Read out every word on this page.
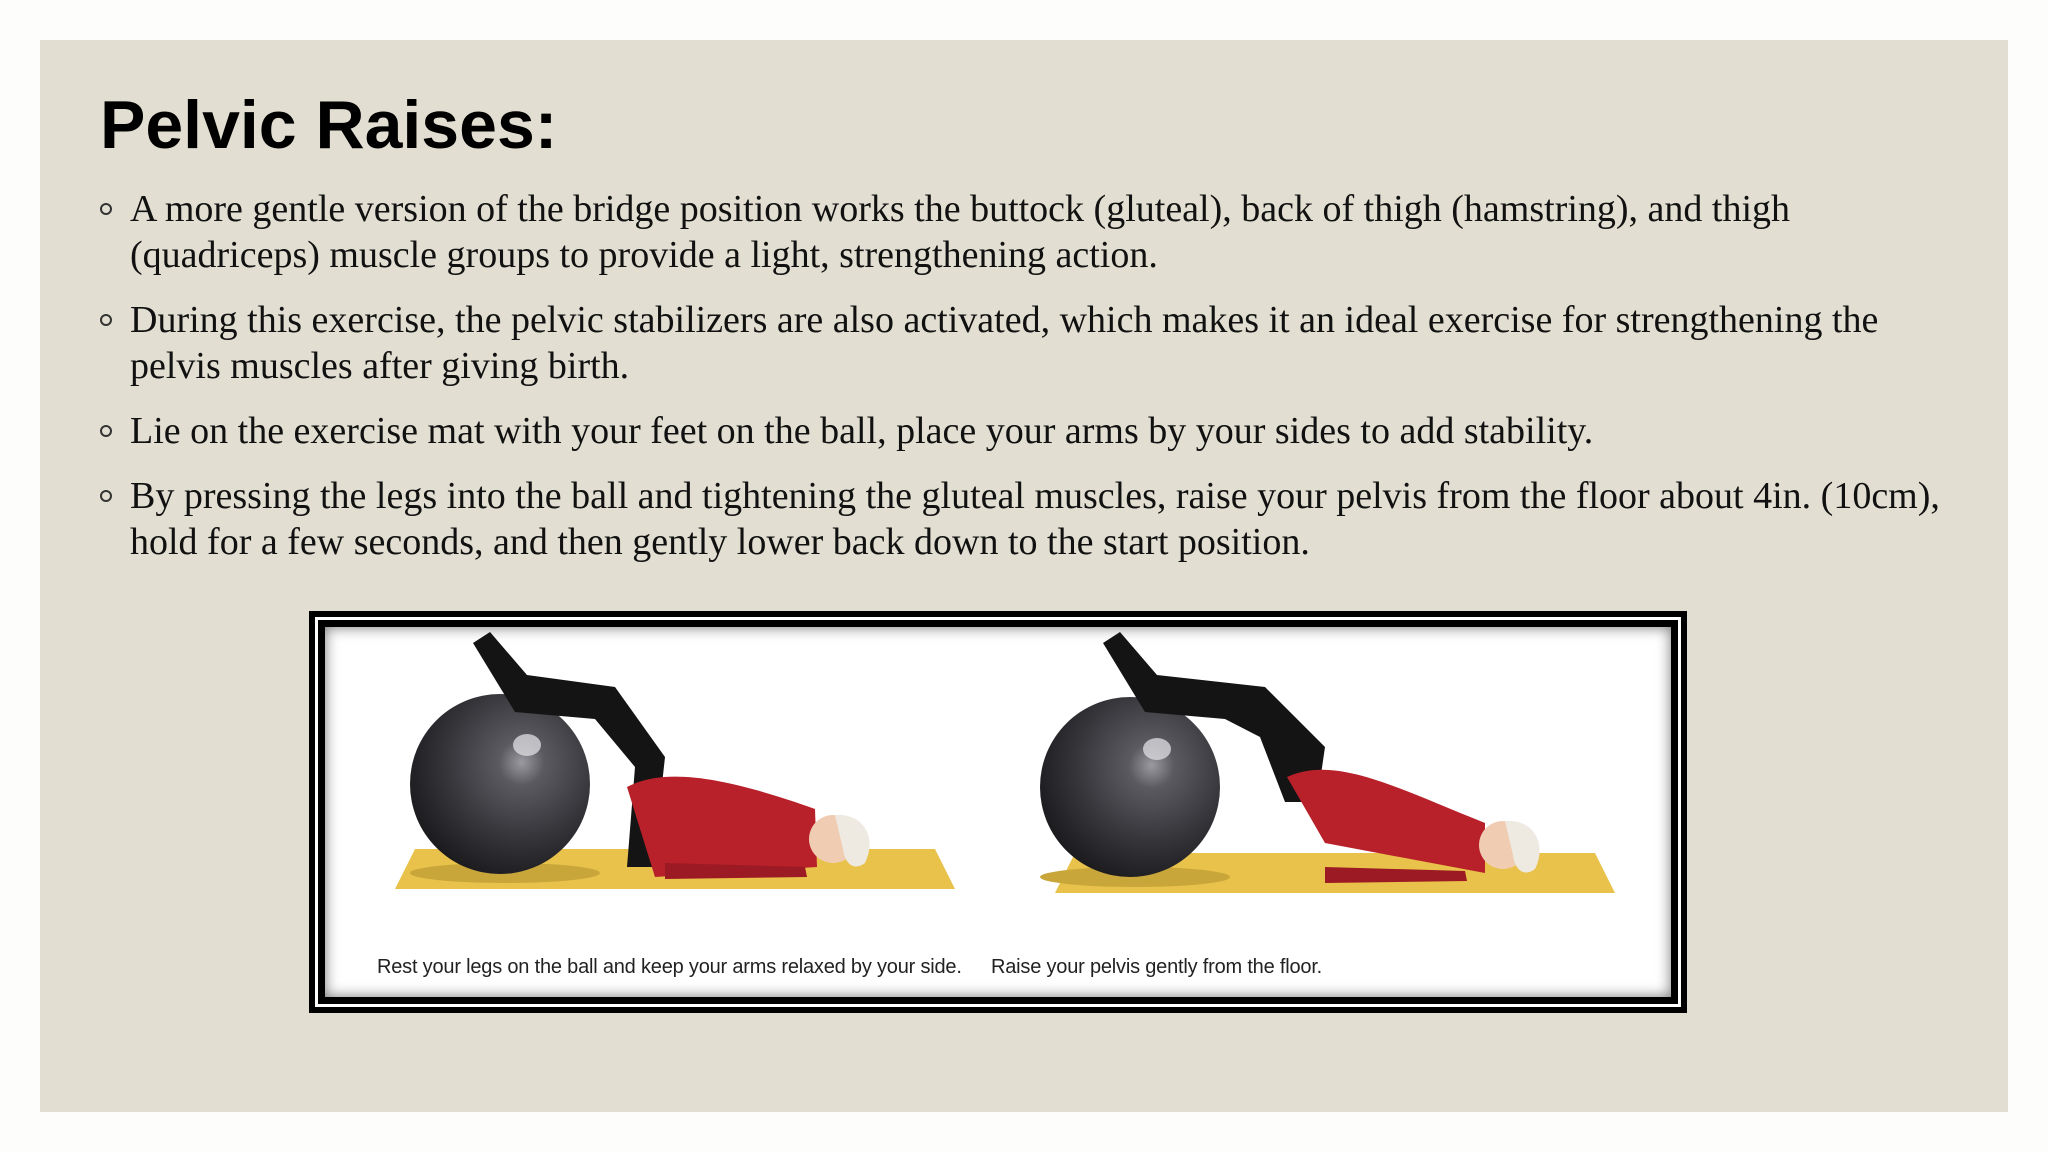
Pelvic Raises:
A more gentle version of the bridge position works the buttock (gluteal), back of thigh (hamstring), and thigh (quadriceps) muscle groups to provide a light, strengthening action.
During this exercise, the pelvic stabilizers are also activated, which makes it an ideal exercise for strengthening the pelvis muscles after giving birth.
Lie on the exercise mat with your feet on the ball, place your arms by your sides to add stability.
By pressing the legs into the ball and tightening the gluteal muscles, raise your pelvis from the floor about 4in. (10cm), hold for a few seconds, and then gently lower back down to the start position.
Rest your legs on the ball and keep your arms relaxed by your side. Raise your pelvis gently from the floor.
